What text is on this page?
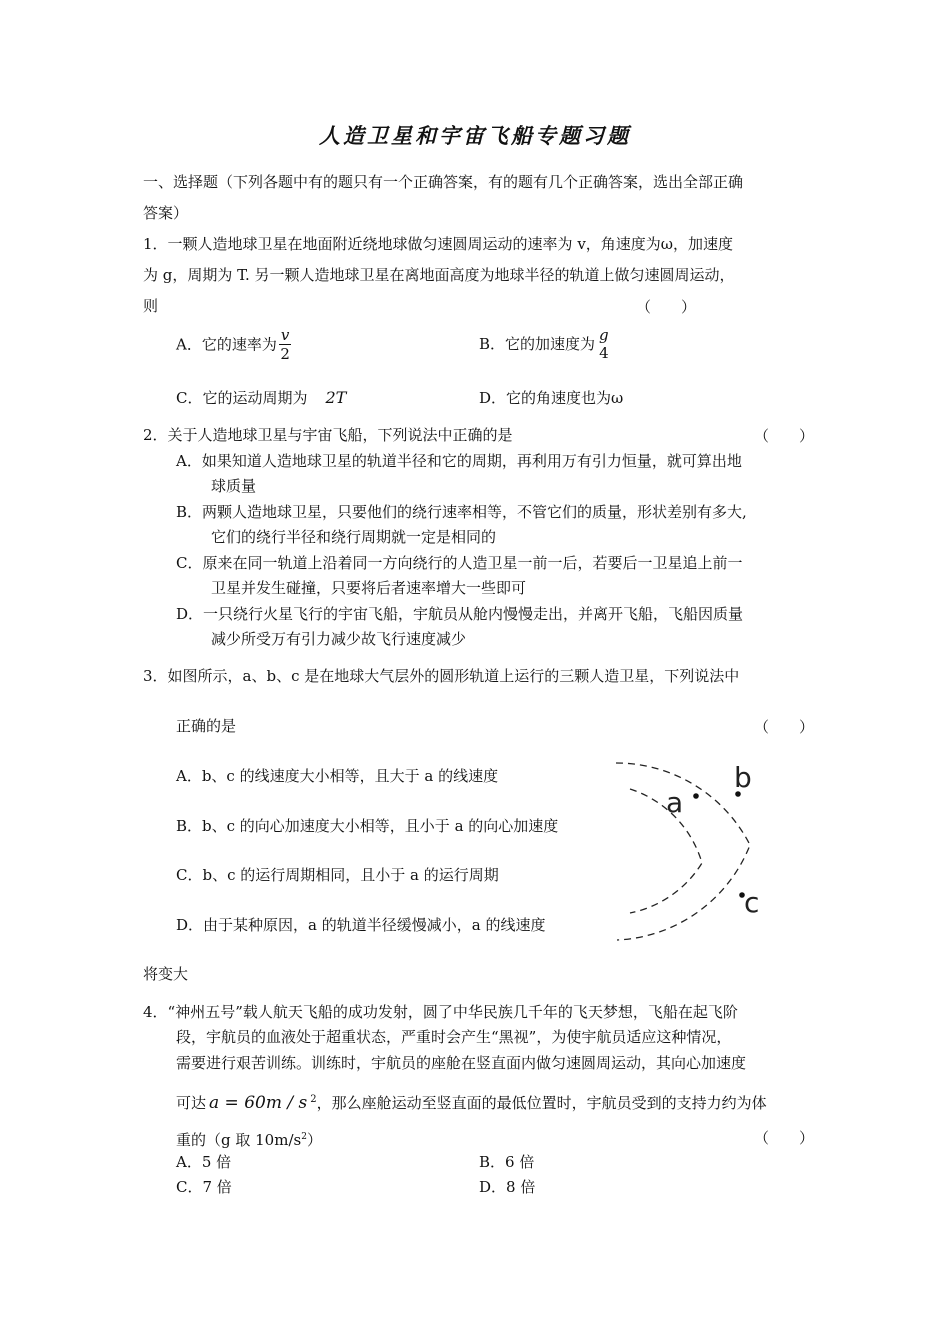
人造卫星和宇宙飞船专题习题
一、选择题（下列各题中有的题只有一个正确答案，有的题有几个正确答案，选出全部正确
答案）
1．一颗人造地球卫星在地面附近绕地球做匀速圆周运动的速率为 v，角速度为ω，加速度
为 g，周期为 T. 另一颗人造地球卫星在离地面高度为地球半径的轨道上做匀速圆周运动，
则	（　　）
A．它的速率为 $\frac{v}{2}$	B．它的加速度为 g
4
C．它的运动周期为 2T	D．它的角速度也为ω
2．关于人造地球卫星与宇宙飞船，下列说法中正确的是	（　　）
A．如果知道人造地球卫星的轨道半径和它的周期，再利用万有引力恒量，就可算出地
球质量
B．两颗人造地球卫星，只要他们的绕行速率相等，不管它们的质量，形状差别有多大,
它们的绕行半径和绕行周期就一定是相同的
C．原来在同一轨道上沿着同一方向绕行的人造卫星一前一后，若要后一卫星追上前一
卫星并发生碰撞，只要将后者速率增大一些即可
D．一只绕行火星飞行的宇宙飞船，宇航员从舱内慢慢走出，并离开飞船，飞船因质量
减少所受万有引力减少故飞行速度减少
3．如图所示，a、b、c 是在地球大气层外的圆形轨道上运行的三颗人造卫星，下列说法中
正确的是	（　　）
A．b、c 的线速度大小相等，且大于 a 的线速度
B．b、c 的向心加速度大小相等，且小于 a 的向心加速度
C．b、c 的运行周期相同，且小于 a 的运行周期
D．由于某种原因，a 的轨道半径缓慢减小，a 的线速度
将变大
a
b
c
4．“神州五号”载人航天飞船的成功发射，圆了中华民族几千年的飞天梦想，飞船在起飞阶
段，宇航员的血液处于超重状态，严重时会产生“黑视”，为使宇航员适应这种情况，
需要进行艰苦训练。训练时，宇航员的座舱在竖直面内做匀速圆周运动，其向心加速度
可达 a = 60m / s $^2$，那么座舱运动至竖直面的最低位置时，宇航员受到的支持力约为体
重的（g 取 $10m/s^2$）	（　　）
A．5 倍	B．6 倍
C．7 倍	D．8 倍
